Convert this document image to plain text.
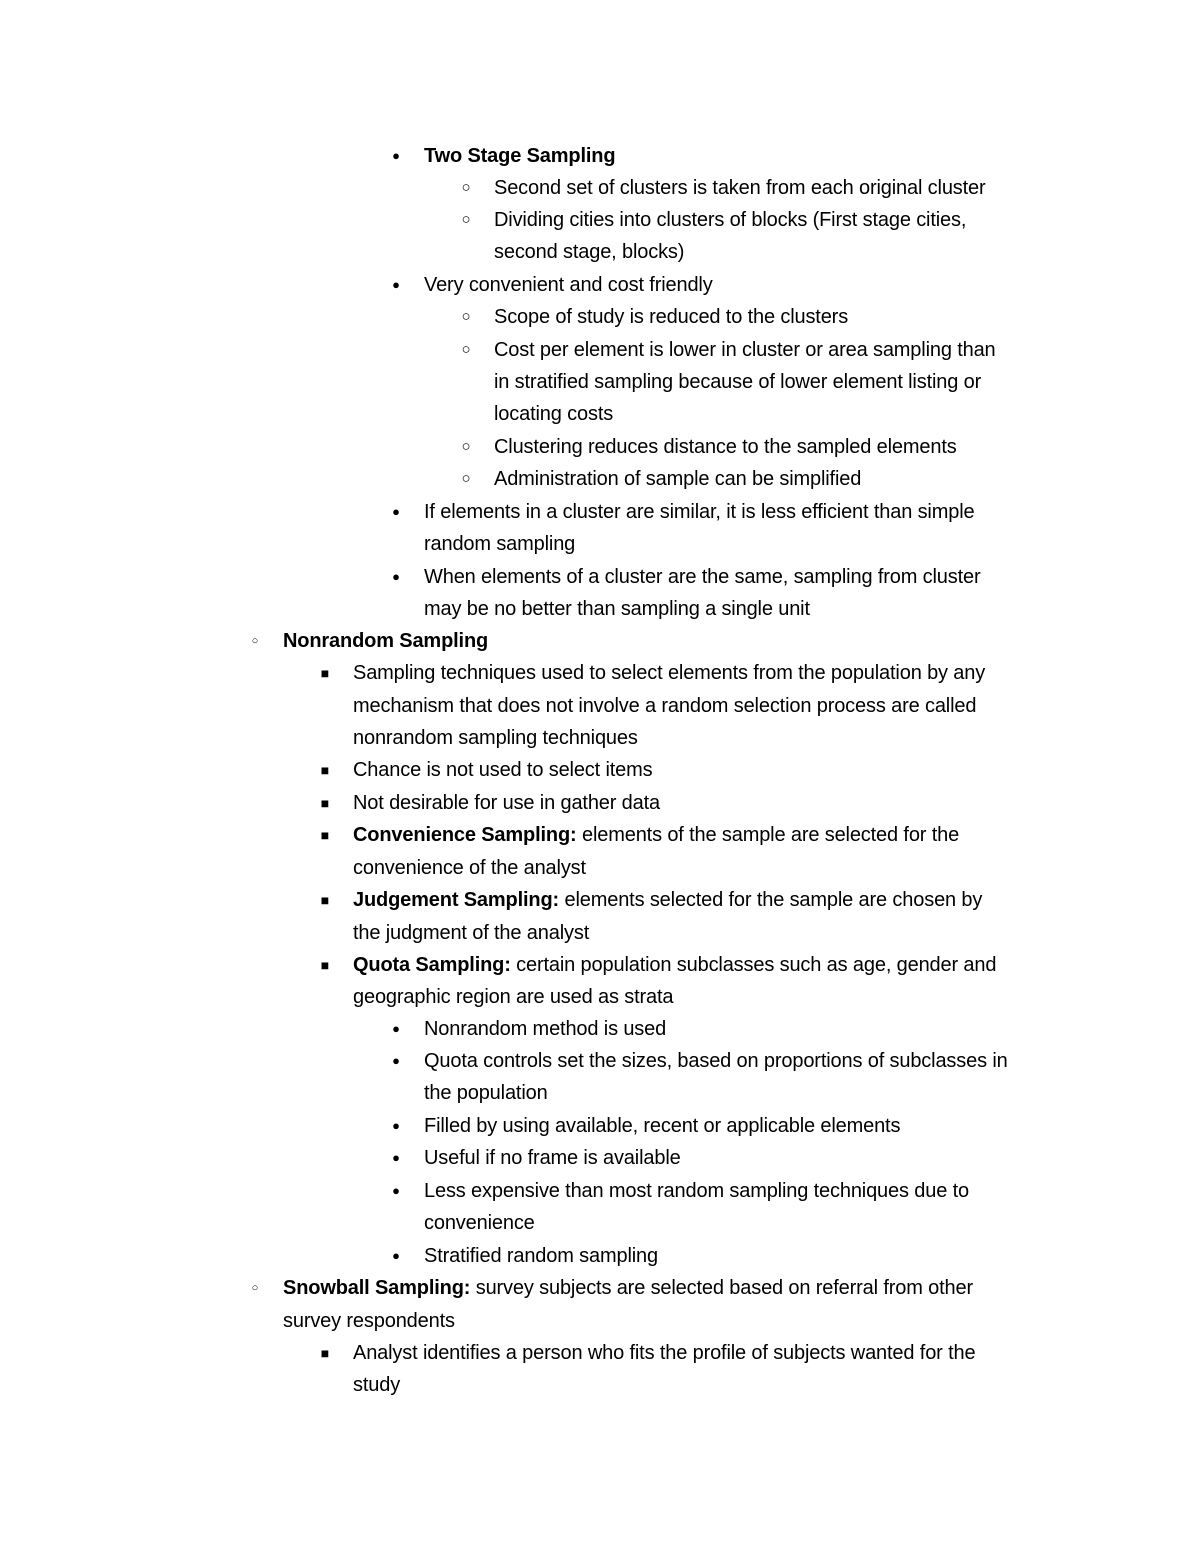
●	Two Stage Sampling
○ Second set of clusters is taken from each original cluster
○ Dividing cities into clusters of blocks (First stage cities,
second stage, blocks)
●	Very convenient and cost friendly
○ Scope of study is reduced to the clusters
○ Cost per element is lower in cluster or area sampling than
in stratified sampling because of lower element listing or
locating costs
○ Clustering reduces distance to the sampled elements
○ Administration of sample can be simplified
●	If elements in a cluster are similar, it is less efficient than simple
random sampling
●	When elements of a cluster are the same, sampling from cluster
may be no better than sampling a single unit
○	Nonrandom Sampling
■ Sampling techniques used to select elements from the population by any
mechanism that does not involve a random selection process are called
nonrandom sampling techniques
■ Chance is not used to select items
■ Not desirable for use in gather data
■ Convenience Sampling: elements of the sample are selected for the
convenience of the analyst
■ Judgement Sampling: elements selected for the sample are chosen by
the judgment of the analyst
■ Quota Sampling: certain population subclasses such as age, gender and
geographic region are used as strata
●	Nonrandom method is used
●	Quota controls set the sizes, based on proportions of subclasses in
the population
●	Filled by using available, recent or applicable elements
●	Useful if no frame is available
●	Less expensive than most random sampling techniques due to
convenience
●	Stratified random sampling
○	Snowball Sampling: survey subjects are selected based on referral from other
survey respondents
■ Analyst identifies a person who fits the profile of subjects wanted for the
study
